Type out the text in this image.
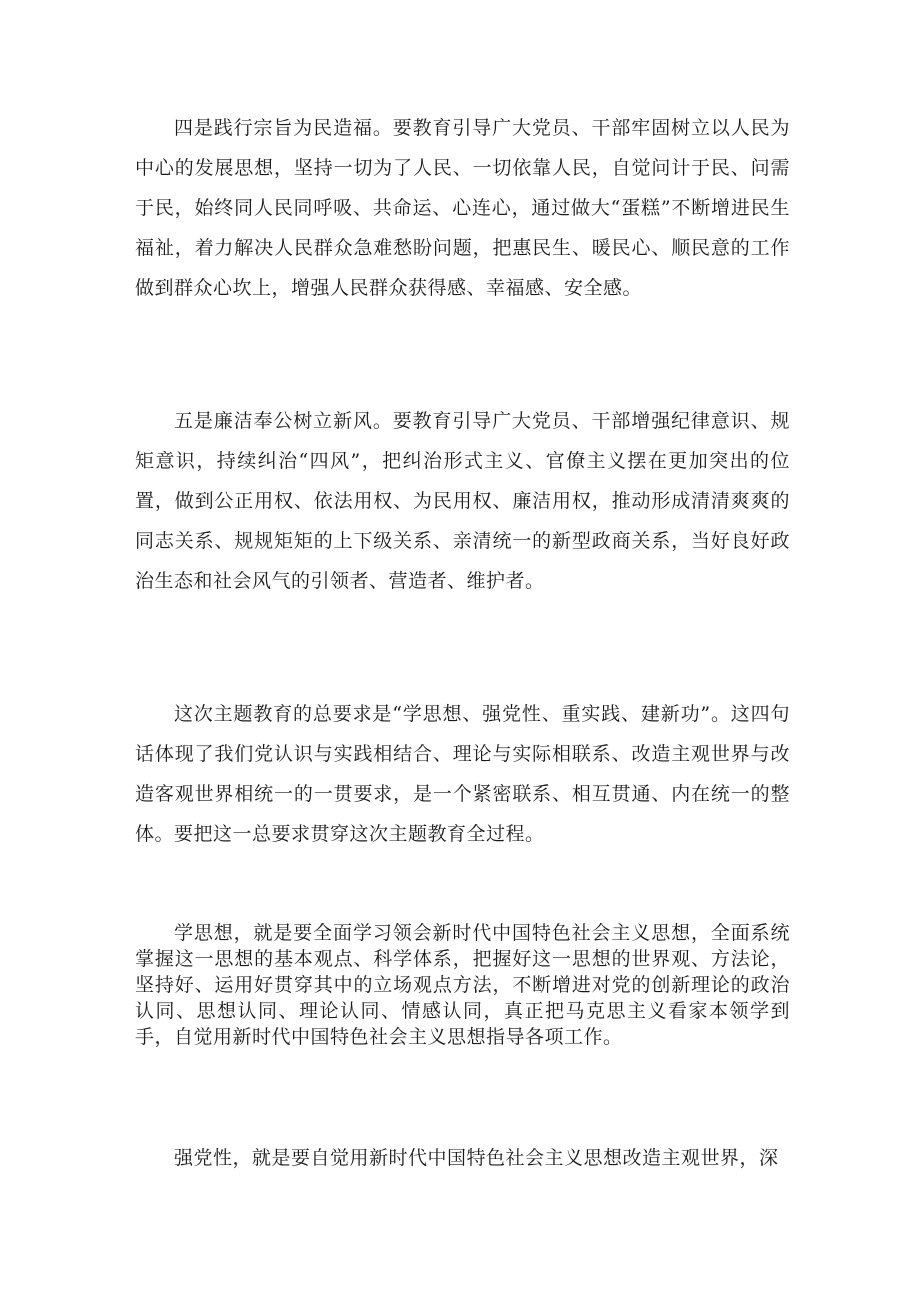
四是践行宗旨为民造福。要教育引导广大党员、干部牢固树立以人民为中心的发展思想，坚持一切为了人民、一切依靠人民，自觉问计于民、问需于民，始终同人民同呼吸、共命运、心连心，通过做大“蛋糕”不断增进民生福祉，着力解决人民群众急难愁盼问题，把惠民生、暖民心、顺民意的工作做到群众心坎上，增强人民群众获得感、幸福感、安全感。

五是廉洁奉公树立新风。要教育引导广大党员、干部增强纪律意识、规矩意识，持续纠治“四风”，把纠治形式主义、官僚主义摆在更加突出的位置，做到公正用权、依法用权、为民用权、廉洁用权，推动形成清清爽爽的同志关系、规规矩矩的上下级关系、亲清统一的新型政商关系，当好良好政治生态和社会风气的引领者、营造者、维护者。

这次主题教育的总要求是“学思想、强党性、重实践、建新功”。这四句话体现了我们党认识与实践相结合、理论与实际相联系、改造主观世界与改造客观世界相统一的一贯要求，是一个紧密联系、相互贯通、内在统一的整体。要把这一总要求贯穿这次主题教育全过程。

学思想，就是要全面学习领会新时代中国特色社会主义思想，全面系统掌握这一思想的基本观点、科学体系，把握好这一思想的世界观、方法论，坚持好、运用好贯穿其中的立场观点方法，不断增进对党的创新理论的政治认同、思想认同、理论认同、情感认同，真正把马克思主义看家本领学到手，自觉用新时代中国特色社会主义思想指导各项工作。

强党性，就是要自觉用新时代中国特色社会主义思想改造主观世界，深
